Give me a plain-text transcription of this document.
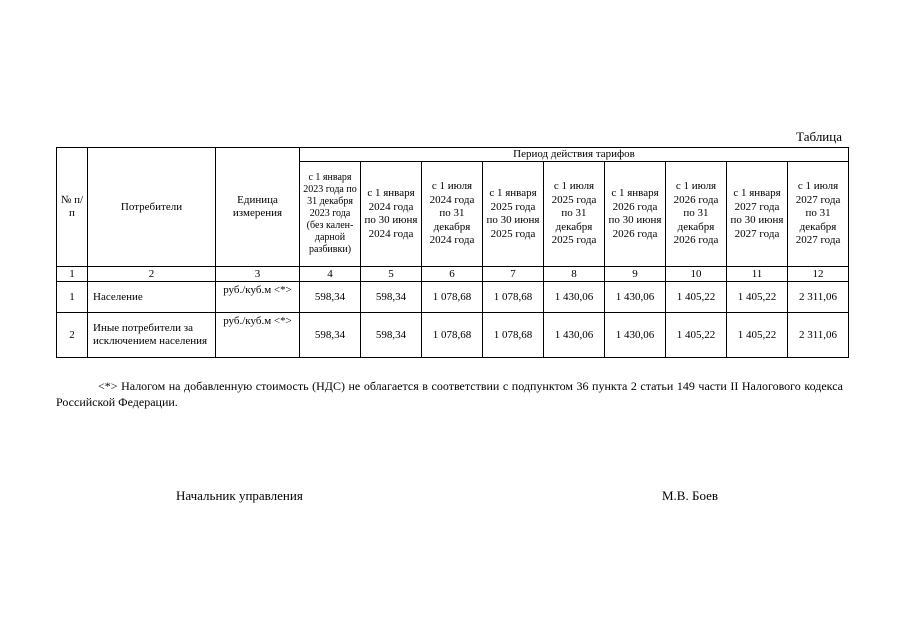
Таблица
№ п/п	Потребители	Единица измерения	Период действия тарифов								
			с 1 января 2023 года по 31 декабря 2023 года (без кален-дарной разбивки)	с 1 января 2024 года по 30 июня 2024 года	с 1 июля 2024 года по 31 декабря 2024 года	с 1 января 2025 года по 30 июня 2025 года	с 1 июля 2025 года по 31 декабря 2025 года	с 1 января 2026 года по 30 июня 2026 года	с 1 июля 2026 года по 31 декабря 2026 года	с 1 января 2027 года по 30 июня 2027 года	с 1 июля 2027 года по 31 декабря 2027 года
1	2	3	4	5	6	7	8	9	10	11	12
1	Население	руб./куб.м <*>	598,34	598,34	1 078,68	1 078,68	1 430,06	1 430,06	1 405,22	1 405,22	2 311,06
2	Иные потребители за исключением населения	руб./куб.м <*>	598,34	598,34	1 078,68	1 078,68	1 430,06	1 430,06	1 405,22	1 405,22	2 311,06
<*> Налогом на добавленную стоимость (НДС) не облагается в соответствии с подпунктом 36 пункта 2 статьи 149 части II Налогового кодекса Российской Федерации.
Начальник управления	М.В. Боев
